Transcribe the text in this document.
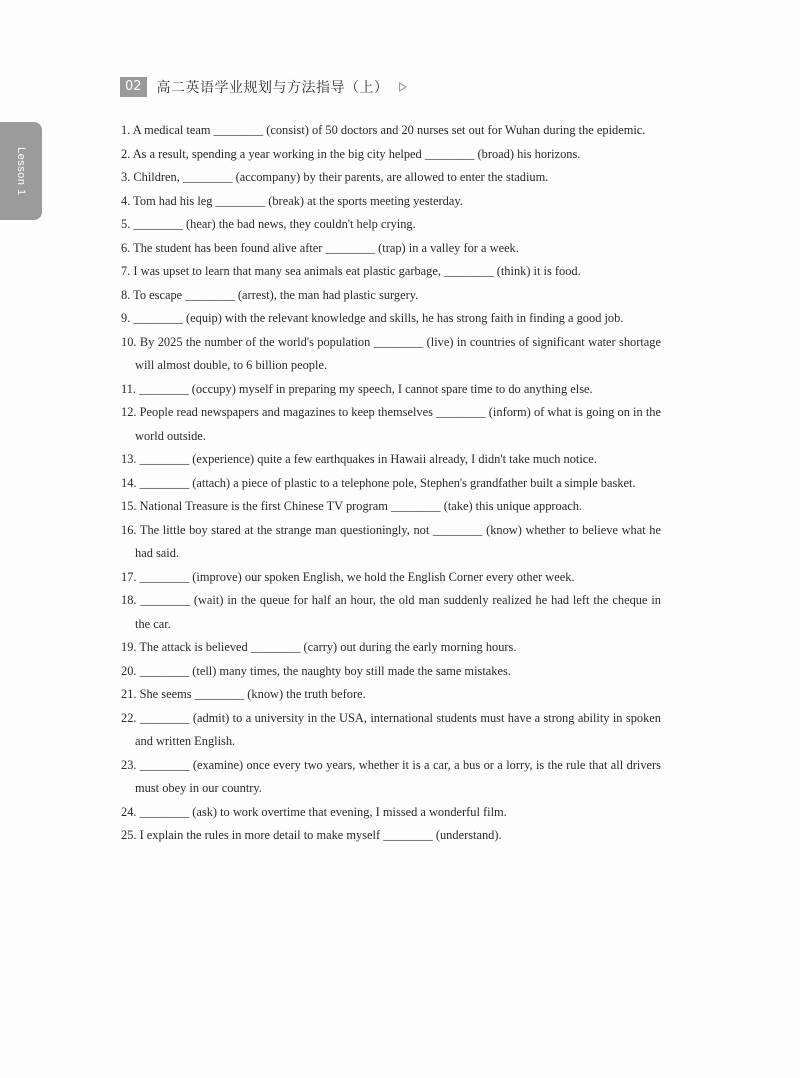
Lesson 1
02	高二英语学业规划与方法指导（上）
1. A medical team ________ (consist) of 50 doctors and 20 nurses set out for Wuhan during the epidemic.
2. As a result, spending a year working in the big city helped ________ (broad) his horizons.
3. Children, ________ (accompany) by their parents, are allowed to enter the stadium.
4. Tom had his leg ________ (break) at the sports meeting yesterday.
5. ________ (hear) the bad news, they couldn't help crying.
6. The student has been found alive after ________ (trap) in a valley for a week.
7. I was upset to learn that many sea animals eat plastic garbage, ________ (think) it is food.
8. To escape ________ (arrest), the man had plastic surgery.
9. ________ (equip) with the relevant knowledge and skills, he has strong faith in finding a good job.
10. By 2025 the number of the world's population ________ (live) in countries of significant water shortage will almost double, to 6 billion people.
11. ________ (occupy) myself in preparing my speech, I cannot spare time to do anything else.
12. People read newspapers and magazines to keep themselves ________ (inform) of what is going on in the world outside.
13. ________ (experience) quite a few earthquakes in Hawaii already, I didn't take much notice.
14. ________ (attach) a piece of plastic to a telephone pole, Stephen's grandfather built a simple basket.
15. National Treasure is the first Chinese TV program ________ (take) this unique approach.
16. The little boy stared at the strange man questioningly, not ________ (know) whether to believe what he had said.
17. ________ (improve) our spoken English, we hold the English Corner every other week.
18. ________ (wait) in the queue for half an hour, the old man suddenly realized he had left the cheque in the car.
19. The attack is believed ________ (carry) out during the early morning hours.
20. ________ (tell) many times, the naughty boy still made the same mistakes.
21. She seems ________ (know) the truth before.
22. ________ (admit) to a university in the USA, international students must have a strong ability in spoken and written English.
23. ________ (examine) once every two years, whether it is a car, a bus or a lorry, is the rule that all drivers must obey in our country.
24. ________ (ask) to work overtime that evening, I missed a wonderful film.
25. I explain the rules in more detail to make myself ________ (understand).
